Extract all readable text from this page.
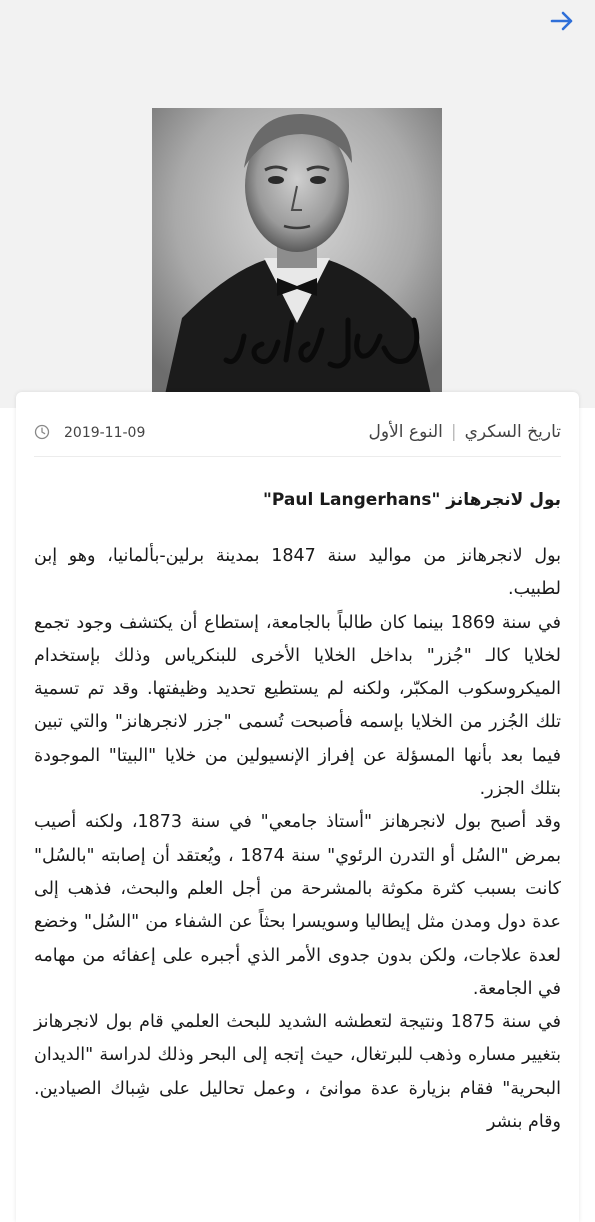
تاريخ السكري|النوع الأول
2019-11-09
بول لانجرهانز "Paul Langerhans"

بول لانجرهانز من مواليد سنة 1847 بمدينة برلين-بألمانيا، وهو إبن لطبيب.

في سنة 1869 بينما كان طالباً بالجامعة، إستطاع أن يكتشف وجود تجمع لخلايا كالـ "جُزر" بداخل الخلايا الأخرى للبنكرياس وذلك بإستخدام الميكروسكوب المكبّر، ولكنه لم يستطيع تحديد وظيفتها. وقد تم تسمية تلك الجُزر من الخلايا بإسمه فأصبحت تُسمى "جزر لانجرهانز" والتي تبين فيما بعد بأنها المسؤلة عن إفراز الإنسيولين من خلايا "البيتا" الموجودة بتلك الجزر.

وقد أصبح بول لانجرهانز "أستاذ جامعي" في سنة 1873، ولكنه أصيب بمرض "السُل أو التدرن الرئوي" سنة 1874 ، ويُعتقد أن إصابته "بالسُل" كانت بسبب كثرة مكوثة بالمشرحة من أجل العلم والبحث، فذهب إلى عدة دول ومدن مثل إيطاليا وسويسرا بحثاً عن الشفاء من "السُل" وخضع لعدة علاجات، ولكن بدون جدوى الأمر الذي أجبره على إعفائه من مهامه في الجامعة.

في سنة 1875 ونتيجة لتعطشه الشديد للبحث العلمي قام بول لانجرهانز بتغيير مساره وذهب للبرتغال، حيث إتجه إلى البحر وذلك لدراسة "الديدان البحرية" فقام بزيارة عدة موانئ ، وعمل تحاليل على شِباك الصيادين. وقام بنشر
